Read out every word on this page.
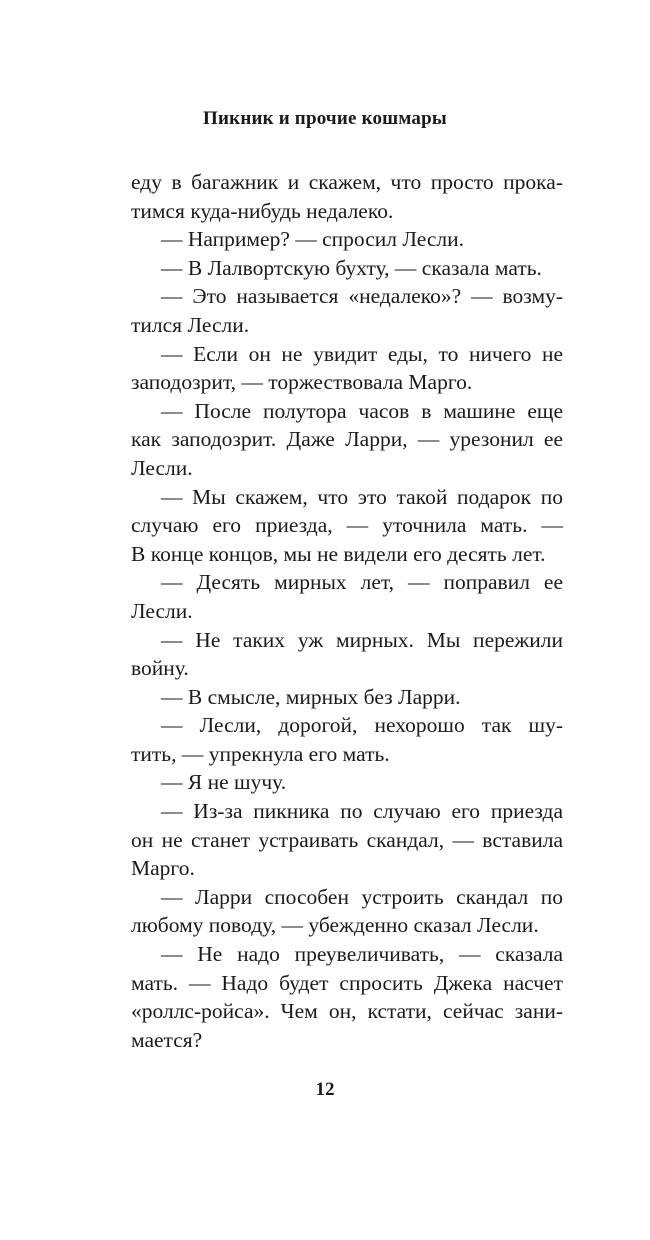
Пикник и прочие кошмары
еду в багажник и скажем, что просто прока-
тимся куда-нибудь недалеко.
— Например? — спросил Лесли.
— В Лалвортскую бухту, — сказала мать.
— Это называется «недалеко»? — возму-
тился Лесли.
— Если он не увидит еды, то ничего не
заподозрит, — торжествовала Марго.
— После полутора часов в машине еще
как заподозрит. Даже Ларри, — урезонил ее
Лесли.
— Мы скажем, что это такой подарок по
случаю его приезда, — уточнила мать. —
В конце концов, мы не видели его десять лет.
— Десять мирных лет, — поправил ее
Лесли.
— Не таких уж мирных. Мы пережили
войну.
— В смысле, мирных без Ларри.
— Лесли, дорогой, нехорошо так шу-
тить, — упрекнула его мать.
— Я не шучу.
— Из-за пикника по случаю его приезда
он не станет устраивать скандал, — вставила
Марго.
— Ларри способен устроить скандал по
любому поводу, — убежденно сказал Лесли.
— Не надо преувеличивать, — сказала
мать. — Надо будет спросить Джека насчет
«роллс-ройса». Чем он, кстати, сейчас зани-
мается?
12
